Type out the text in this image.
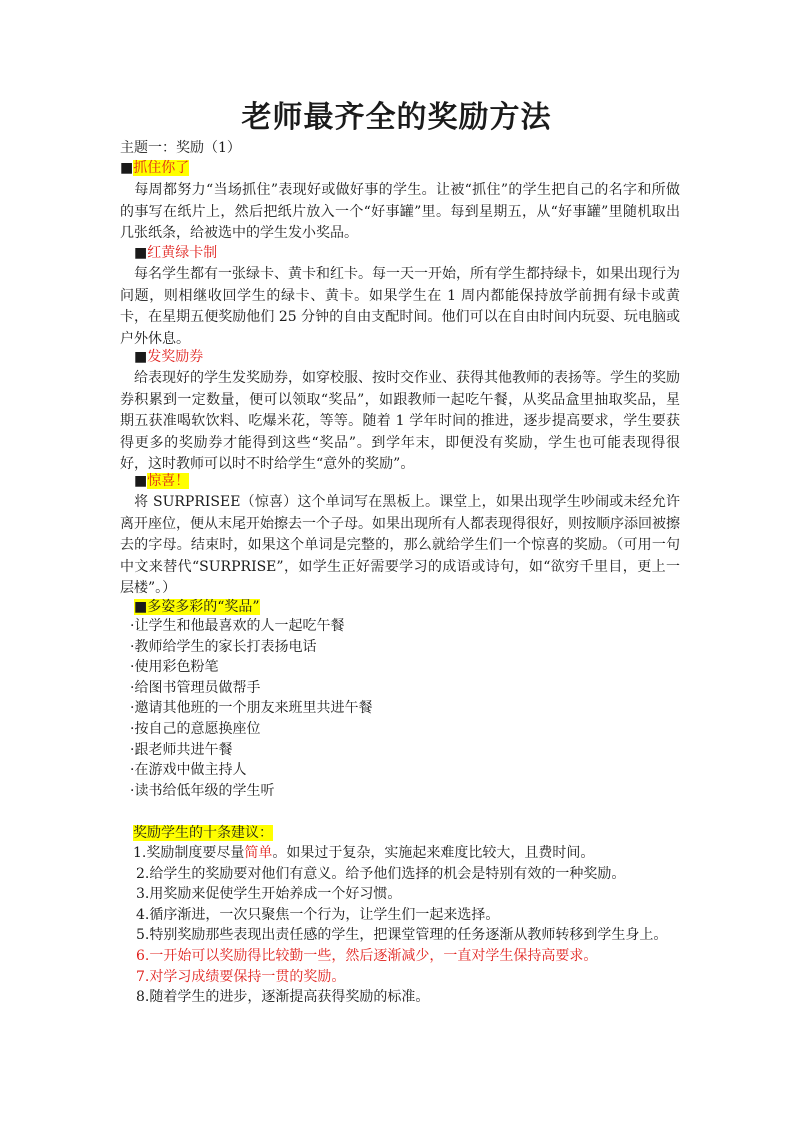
老师最齐全的奖励方法
主题一：奖励（1）
■抓住你了

每周都努力“当场抓住”表现好或做好事的学生。让被“抓住”的学生把自己的名字和所做的事写在纸片上，然后把纸片放入一个“好事罐”里。每到星期五，从“好事罐”里随机取出几张纸条，给被选中的学生发小奖品。

■红黄绿卡制

每名学生都有一张绿卡、黄卡和红卡。每一天一开始，所有学生都持绿卡，如果出现行为问题，则相继收回学生的绿卡、黄卡。如果学生在 1 周内都能保持放学前拥有绿卡或黄卡，在星期五便奖励他们 25 分钟的自由支配时间。他们可以在自由时间内玩耍、玩电脑或户外休息。

■发奖励券

给表现好的学生发奖励券，如穿校服、按时交作业、获得其他教师的表扬等。学生的奖励券积累到一定数量，便可以领取“奖品”，如跟教师一起吃午餐，从奖品盒里抽取奖品，星期五获准喝软饮料、吃爆米花，等等。随着 1 学年时间的推进，逐步提高要求，学生要获得更多的奖励券才能得到这些“奖品”。到学年末，即便没有奖励，学生也可能表现得很好，这时教师可以时不时给学生“意外的奖励”。

■惊喜！

将 SURPRISEE（惊喜）这个单词写在黑板上。课堂上，如果出现学生吵闹或未经允许离开座位，便从末尾开始擦去一个子母。如果出现所有人都表现得很好，则按顺序添回被擦去的字母。结束时，如果这个单词是完整的，那么就给学生们一个惊喜的奖励。（可用一句中文来替代“SURPRISE”，如学生正好需要学习的成语或诗句，如“欲穷千里目，更上一层楼”。）

■多姿多彩的“奖品”
·让学生和他最喜欢的人一起吃午餐
·教师给学生的家长打表扬电话
·使用彩色粉笔
·给图书管理员做帮手
·邀请其他班的一个朋友来班里共进午餐
·按自己的意愿换座位
·跟老师共进午餐
·在游戏中做主持人
·读书给低年级的学生听
奖励学生的十条建议：
1.奖励制度要尽量简单。如果过于复杂，实施起来难度比较大，且费时间。
2.给学生的奖励要对他们有意义。给予他们选择的机会是特别有效的一种奖励。
3.用奖励来促使学生开始养成一个好习惯。
4.循序渐进，一次只聚焦一个行为，让学生们一起来选择。
5.特别奖励那些表现出责任感的学生，把课堂管理的任务逐渐从教师转移到学生身上。
6.一开始可以奖励得比较勤一些，然后逐渐减少，一直对学生保持高要求。
7.对学习成绩要保持一贯的奖励。
8.随着学生的进步，逐渐提高获得奖励的标准。
